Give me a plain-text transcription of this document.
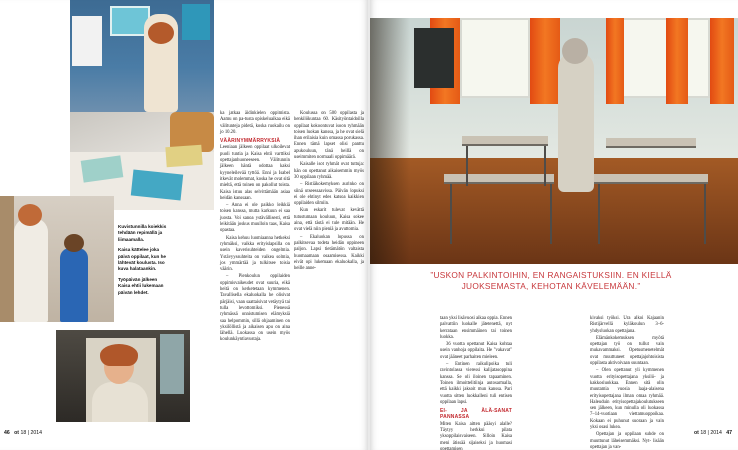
Kuvistunnilla koiekkis tehdään repimällä ja liimaamalla.

Kaisa kättelee joka päivä oppilaat, kun he lähtevät koulusta. Iso kuva halataankin.

Työpäivän jälkeen Kaisa ehtii lukemaan päivän lehdet.

ka jatkaa äidinkielen oppimista. Aamu on pa-tusta opiskeluaikaa eikä välitunteja pidetä, koska ruokailu on jo 10.20.

VÄÄRINYMMÄRRYKSIÄ

Leeniaan jälkeen oppilaat ulkoilevat puoli tuntia ja Kaisa ehtii varttiksi opettajanhuoneeseen. Välitunnin jälkeen häntä odottaa kaksi kyyneleilevää tyttöä. Enni ja Isabel itkevät molemmat, koska he ovat sitä mieltä, että toinen on pakollut toista. Kaisa istuu alas selvittämään asiaa heidän kanssaan.

– Anna ei ole paikko leikkiä toisen kanssa, mutta karkuun ei saa juosta. Voi sanoa ystävällisesti, että leikitään joskus muulloin taas, Kaisa opastaa.

Kaisa kehuu luomiaanna hetkeksi ryhmäksi, vaikka erityislapsilla on usein kaverisuhteiden ongelmia. Ystävyyssuhteita on vaikea solmia, jos ymmärtää ja tulkitsee toisia väärin.

– Pienkoulun oppilaiden oppimisvaikeudet ovat suuria, eikä heitä on kerketetaan kymmenen. Tavallisella ekaluokalla he olisivat pärjäisi, vaan saattaisivat vetäytyä tai tulla levottomiksi. Pienessä ryhmässä onnistumisen elämyksiä saa helpommin, sillä ohjaaminen on yksilöllistä ja aikaisen apu on aina lähellä. Luokassa on usein myös koulunkäyntiavustaja.

Koulussa on 500 oppilasta ja henkilökuntaa 60. Käsityöntaidoilla oppilaat kokoontuvat isoon ryhmään toisen luokan kanssa, ja he ovat sielä ihan erilaisia kuin omassa porukassa. Ennen tämä lapset olisi panttu apukouluun, tänä heillä on useimmiten normaali oppimäärä.

Kaisalle isot ryhmät ovat tuttuja: hän on opettanut aikaisemmin myös 30 oppilaan ryhmää.

– Ristiäkokemyksen aurinko on siinä utseessaavissa. Päivän lopuksi ei ole ehtinyt edes katsoa kaikkien oppilaiden silmiin.

Kun eskarit tulevat kevättä tutustumaan kouluun, Kaisa sokee aina, että tästä ei tule mitään. He ovat vielä niin pieniä ja avuttomia.

– Ekaluokan lopussa on palkitsevaa todeta heidän oppineen paljon. Lapsi tietämätön valtaista huomaamaan osaamisessa. Kaikki eivät opi lukemaan ekaluokalla, ja heille anne-

46 ot 18 | 2014
”USKON PALKINTOIHIN, EN RANGAISTUKSIIN. EN KIELLÄ JUOKSEMASTA, KEHOTAN KÄVELEMÄÄN.”

taan yksi lisävuosi aikaa oppia. Ennen palvattiin luokalle jätetenettä, nyt kerrataan ensimmäinen tai toinen luokka.

36 vuotta opettanut Kaisa kohtaa usein vanhoja oppilaita. He "vakavat" ovat jääneet parhaiten mieleen.

– Entinen raikulipoika tuli ravintolassa vieressi kalijatasoppina kanssa. Se oli iloinen tapaaminen. Toinen ilmoittelitiinja autosarmalla, että kaikki jaksoit mun kanssa. Pari vuotta sitten luokkalleni tuli entisen oppilaan lapsi.

EI- JA ÄLÄ-SANAT PANNASSA

Miten Kaisa aitten pääsyi alalle? Täytyy herkkui pilata yksoppilaisvaiseen. Silloin Kaisa meni ätissää sijaiseksi ja huomasi opettamisen

kivaksi työksi. Ura alkoi Kajaanin Ristijärvellä kyläkoulun 3–6-yhdysluokan opettajana.

Elämänkokemuksen myötä opettajan työ on tullut vain mukavammaksi. Opetusmenetelmät ovat muuttuneet opettajajohtoisista oppilasta aktivoivaan suuntaan.

– Olen opettanut yli kymmenen vuotta erityisopettajana yksilö- ja kakkosluokkaa. Ennen sitä olin muutamia vuosia laaja-alaisena erityisopettajana ilman omaa ryhmää. Haleuduin erityisopettajakoulutukseen sen jälkeen, kun minulla oli luokassa 7–14-vuotiaan viettamuoppoikaa. Kokaan ei puhunut suoraan ja vain yksi osasi lukea.

Opettajan ja oppilaan suhde on muuttunut läheisemmäksi. Nyt- lisään opettajan ja van-

ot 18 | 2014 47
